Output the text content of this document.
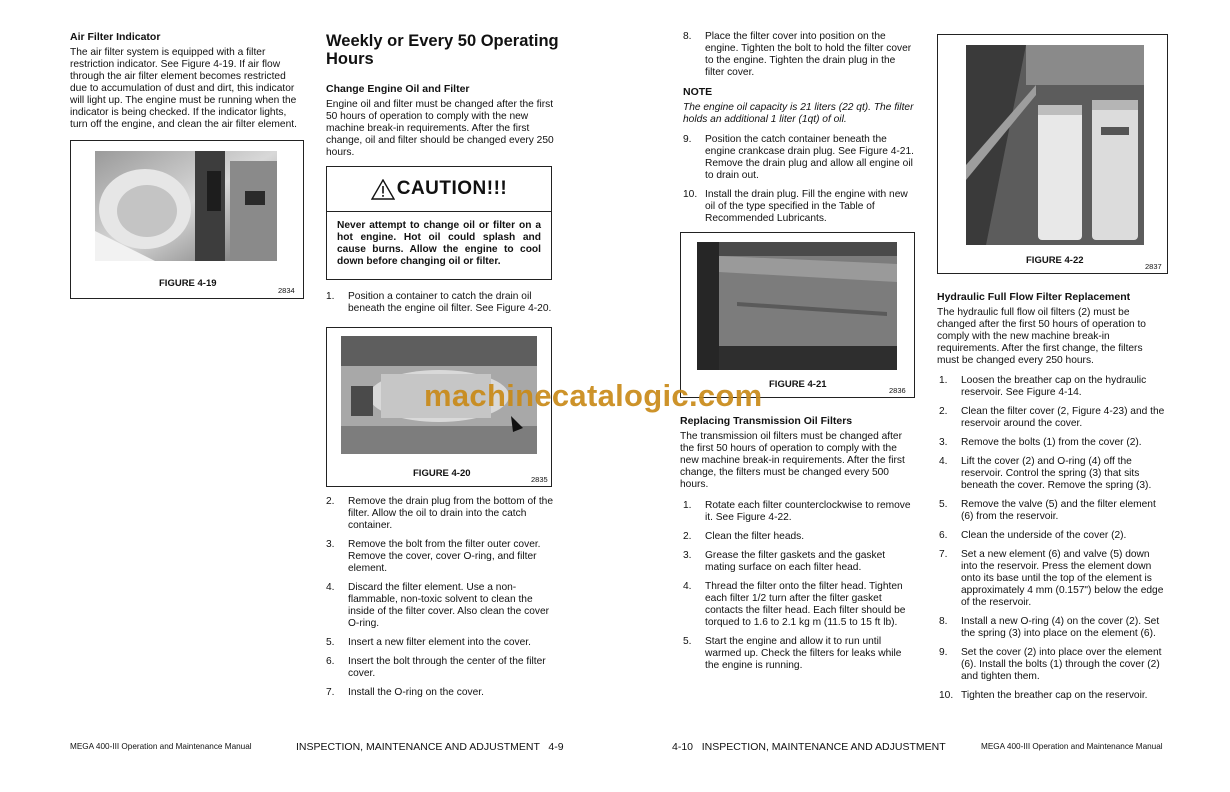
Air Filter Indicator
The air filter system is equipped with a filter restriction indicator. See Figure 4-19. If air flow through the air filter element becomes restricted due to accumulation of dust and dirt, this indicator will light up. The engine must be running when the indicator is being checked. If the indicator lights, turn off the engine, and clean the air filter element.
FIGURE 4-19
2834
Weekly or Every 50 Operating Hours
Change Engine Oil and Filter
Engine oil and filter must be changed after the first 50 hours of operation to comply with the new machine break-in requirements. After the first change, oil and filter should be changed every 250 hours.
CAUTION!!!
Never attempt to change oil or filter on a hot engine. Hot oil could splash and cause burns. Allow the engine to cool down before changing oil or filter.
1.	Position a container to catch the drain oil beneath the engine oil filter. See Figure 4-20.
FIGURE 4-20
2835
2.	Remove the drain plug from the bottom of the filter. Allow the oil to drain into the catch container.
3.	Remove the bolt from the filter outer cover. Remove the cover, cover O-ring, and filter element.
4.	Discard the filter element. Use a non-flammable, non-toxic solvent to clean the inside of the filter cover. Also clean the cover O-ring.
5.	Insert a new filter element into the cover.
6.	Insert the bolt through the center of the filter cover.
7.	Install the O-ring on the cover.
MEGA 400-III Operation and Maintenance Manual	INSPECTION, MAINTENANCE AND ADJUSTMENT   4-9
8.	Place the filter cover into position on the engine. Tighten the bolt to hold the filter cover to the engine. Tighten the drain plug in the filter cover.
NOTE
The engine oil capacity is 21 liters (22 qt). The filter holds an additional 1 liter (1qt) of oil.
9.	Position the catch container beneath the engine crankcase drain plug. See Figure 4-21. Remove the drain plug and allow all engine oil to drain out.
10. Install the drain plug. Fill the engine with new oil of the type specified in the Table of Recommended Lubricants.
FIGURE 4-21
2836
Replacing Transmission Oil Filters
The transmission oil filters must be changed after the first 50 hours of operation to comply with the new machine break-in requirements. After the first change, the filters must be changed every 500 hours.
1.	Rotate each filter counterclockwise to remove it. See Figure 4-22.
2.	Clean the filter heads.
3.	Grease the filter gaskets and the gasket mating surface on each filter head.
4.	Thread the filter onto the filter head. Tighten each filter 1/2 turn after the filter gasket contacts the filter head. Each filter should be torqued to 1.6 to 2.1 kg m (11.5 to 15 ft lb).
5.	Start the engine and allow it to run until warmed up. Check the filters for leaks while the engine is running.
machinecatalogic.com
FIGURE 4-22
2837
Hydraulic Full Flow Filter Replacement
The hydraulic full flow oil filters (2) must be changed after the first 50 hours of operation to comply with the new machine break-in requirements. After the first change, the filters must be changed every 250 hours.
1.	Loosen the breather cap on the hydraulic reservoir. See Figure 4-14.
2.	Clean the filter cover (2, Figure 4-23) and the reservoir around the cover.
3.	Remove the bolts (1) from the cover (2).
4.	Lift the cover (2) and O-ring (4) off the reservoir. Control the spring (3) that sits beneath the cover. Remove the spring (3).
5.	Remove the valve (5) and the filter element (6) from the reservoir.
6.	Clean the underside of the cover (2).
7.	Set a new element (6) and valve (5) down into the reservoir. Press the element down onto its base until the top of the element is approximately 4 mm (0.157") below the edge of the reservoir.
8.	Install a new O-ring (4) on the cover (2). Set the spring (3) into place on the element (6).
9.	Set the cover (2) into place over the element (6). Install the bolts (1) through the cover (2) and tighten them.
10. Tighten the breather cap on the reservoir.
4-10   INSPECTION, MAINTENANCE AND ADJUSTMENT	MEGA 400-III Operation and Maintenance Manual
